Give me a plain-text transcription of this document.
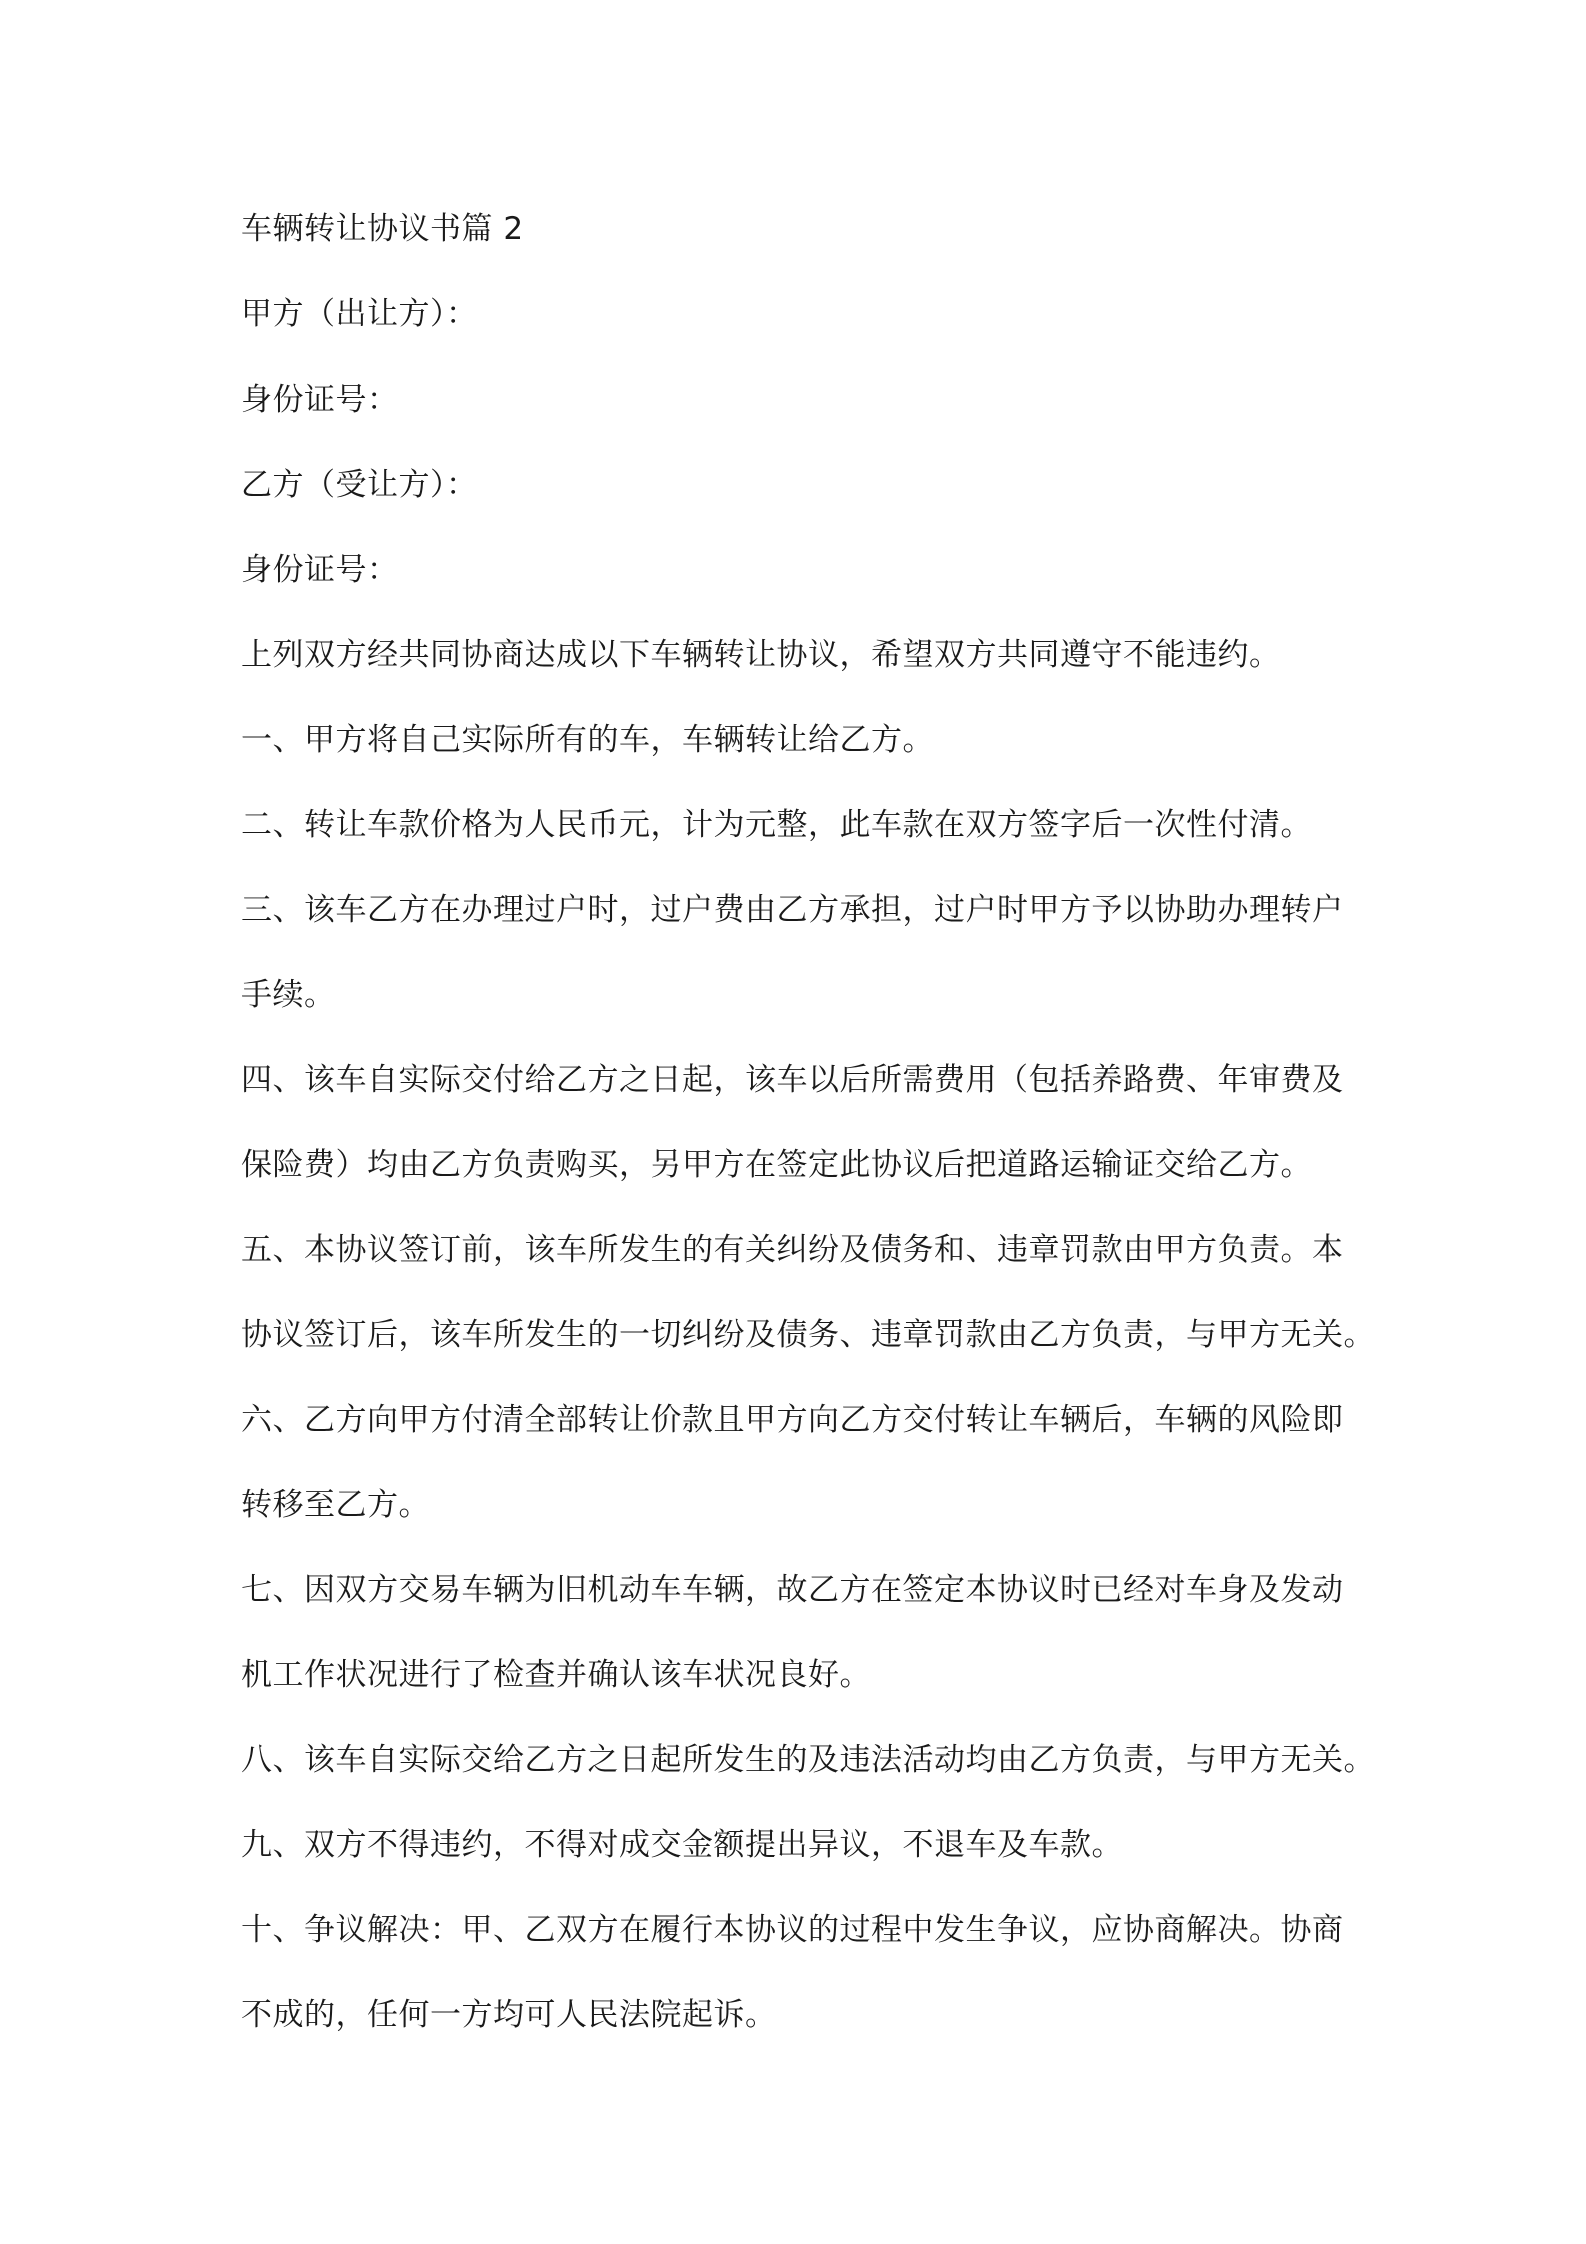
车辆转让协议书篇 2
甲方（出让方）：
身份证号：
乙方（受让方）：
身份证号：
上列双方经共同协商达成以下车辆转让协议，希望双方共同遵守不能违约。
一、甲方将自己实际所有的车，车辆转让给乙方。
二、转让车款价格为人民币元，计为元整，此车款在双方签字后一次性付清。
三、该车乙方在办理过户时，过户费由乙方承担，过户时甲方予以协助办理转户
手续。
四、该车自实际交付给乙方之日起，该车以后所需费用（包括养路费、年审费及
保险费）均由乙方负责购买，另甲方在签定此协议后把道路运输证交给乙方。
五、本协议签订前，该车所发生的有关纠纷及债务和、违章罚款由甲方负责。本
协议签订后，该车所发生的一切纠纷及债务、违章罚款由乙方负责，与甲方无关。
六、乙方向甲方付清全部转让价款且甲方向乙方交付转让车辆后，车辆的风险即
转移至乙方。
七、因双方交易车辆为旧机动车车辆，故乙方在签定本协议时已经对车身及发动
机工作状况进行了检查并确认该车状况良好。
八、该车自实际交给乙方之日起所发生的及违法活动均由乙方负责，与甲方无关。
九、双方不得违约，不得对成交金额提出异议，不退车及车款。
十、争议解决：甲、乙双方在履行本协议的过程中发生争议，应协商解决。协商
不成的，任何一方均可人民法院起诉。
